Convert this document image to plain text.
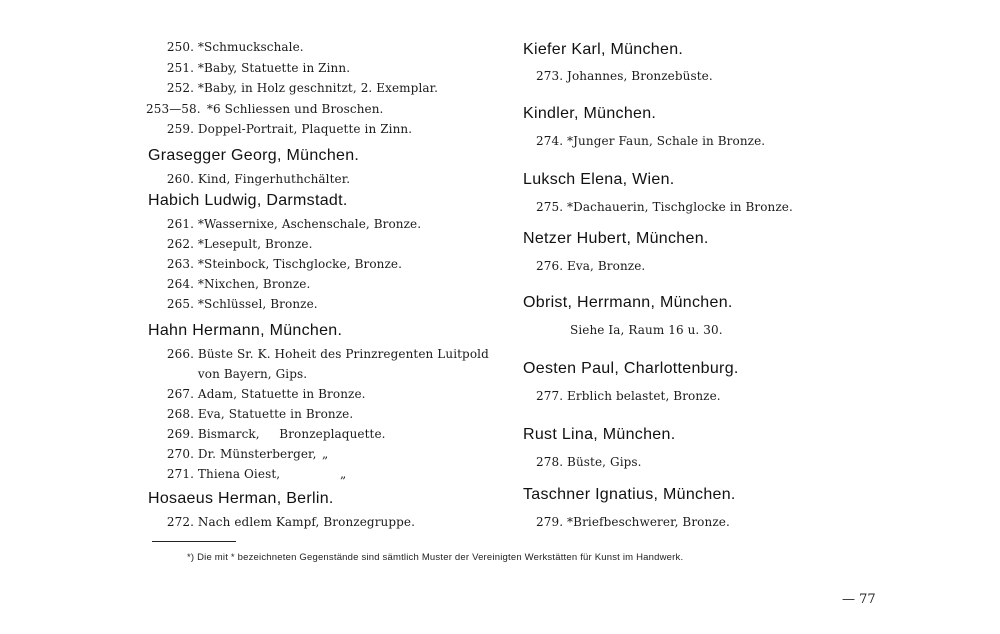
250. *Schmuckschale.
251. *Baby, Statuette in Zinn.
252. *Baby, in Holz geschnitzt, 2. Exemplar.
253—58. *6 Schliessen und Broschen.
259. Doppel-Portrait, Plaquette in Zinn.
Grasegger Georg, München.
260. Kind, Fingerhuthchälter.
Habich Ludwig, Darmstadt.
261. *Wassernixe, Aschenschale, Bronze.
262. *Lesepult, Bronze.
263. *Steinbock, Tischglocke, Bronze.
264. *Nixchen, Bronze.
265. *Schlüssel, Bronze.
Hahn Hermann, München.
266. Büste Sr. K. Hoheit des Prinzregenten Luitpold
von Bayern, Gips.
267. Adam, Statuette in Bronze.
268. Eva, Statuette in Bronze.
269. Bismarck,     Bronzeplaquette.
270. Dr. Münsterberger, „
271. Thiena Oiest,	„
Hosaeus Herman, Berlin.
272. Nach edlem Kampf, Bronzegruppe.
Kiefer Karl, München.
273. Johannes, Bronzebüste.
Kindler, München.
274. *Junger Faun, Schale in Bronze.
Luksch Elena, Wien.
275. *Dachauerin, Tischglocke in Bronze.
Netzer Hubert, München.
276. Eva, Bronze.
Obrist, Herrmann, München.
Siehe Ia, Raum 16 u. 30.
Oesten Paul, Charlottenburg.
277. Erblich belastet, Bronze.
Rust Lina, München.
278. Büste, Gips.
Taschner Ignatius, München.
279. *Briefbeschwerer, Bronze.
*) Die mit * bezeichneten Gegenstände sind sämtlich Muster der Vereinigten Werkstätten für Kunst im Handwerk.
— 77
